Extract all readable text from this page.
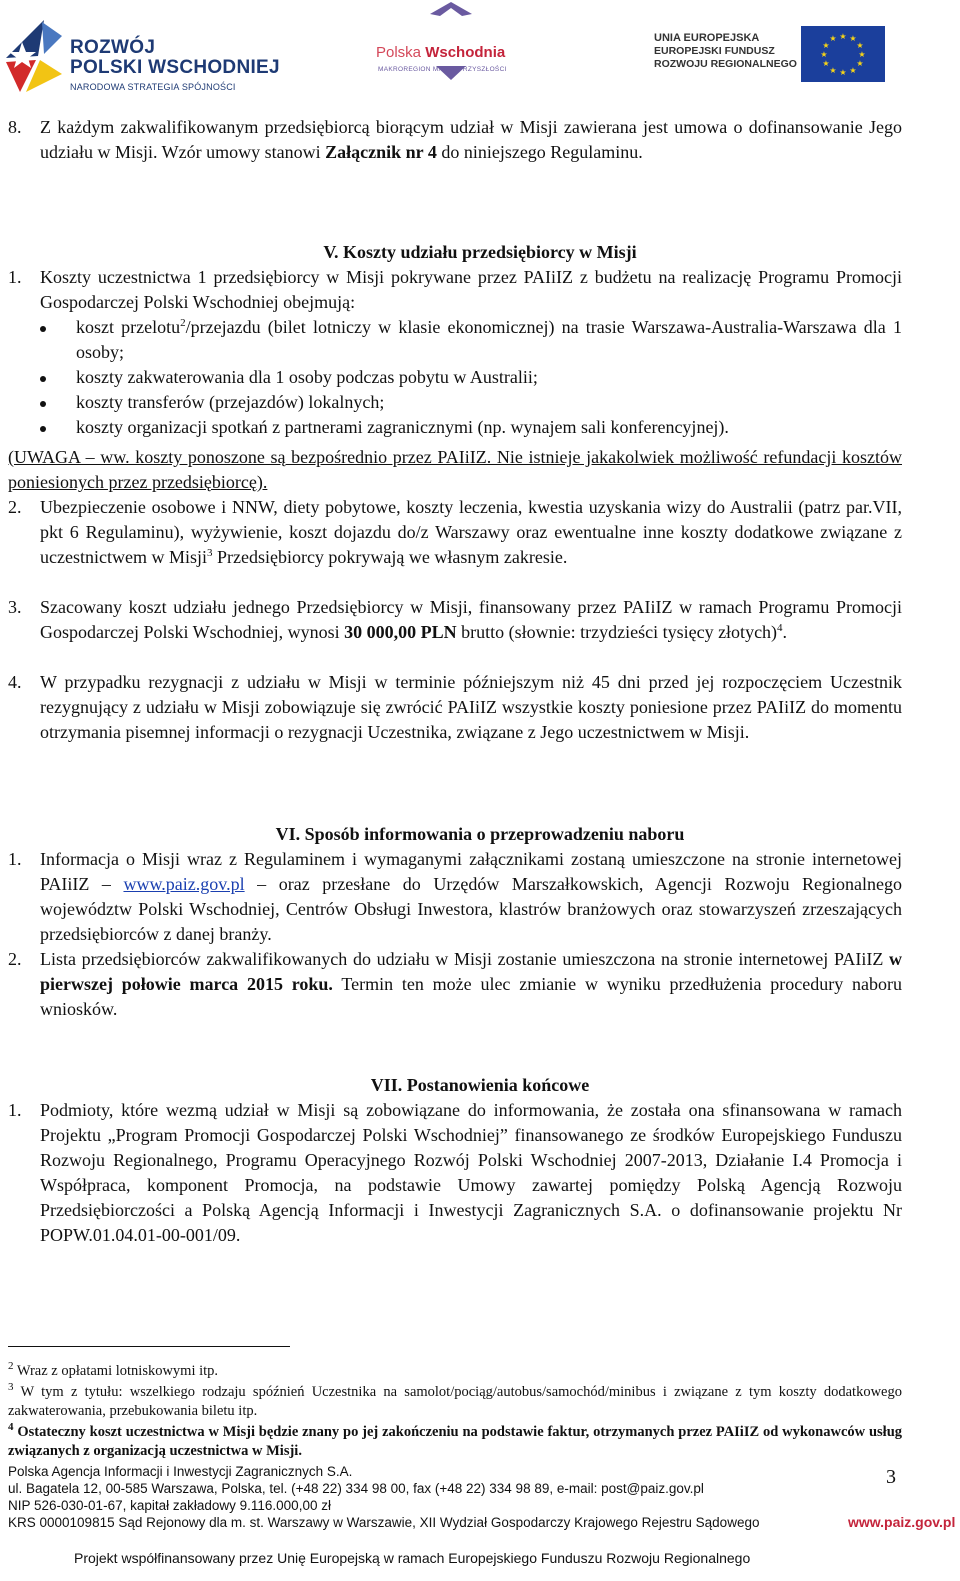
ROZWÓJ
POLSKI WSCHODNIEJ
NARODOWA STRATEGIA SPÓJNOŚCI
Polska Wschodnia
MAKROREGION MAKROPRZYSZŁOŚCI
UNIA EUROPEJSKA
EUROPEJSKI FUNDUSZ
ROZWOJU REGIONALNEGO
★ ★
★
★
★
★
★
★
★
★
★
★
8. Z każdym zakwalifikowanym przedsiębiorcą biorącym udział w Misji zawierana jest umowa o dofinansowanie Jego udziału w Misji. Wzór umowy stanowi Załącznik nr 4 do niniejszego Regulaminu.
V. Koszty udziału przedsiębiorcy w Misji
1. Koszty uczestnictwa 1 przedsiębiorcy w Misji pokrywane przez PAIiIZ z budżetu na realizację Programu Promocji Gospodarczej Polski Wschodniej obejmują:
koszt przelotu$^2$/przejazdu (bilet lotniczy w klasie ekonomicznej) na trasie Warszawa-Australia-Warszawa dla 1 osoby;
koszty zakwaterowania dla 1 osoby podczas pobytu w Australii;
koszty transferów (przejazdów) lokalnych;
koszty organizacji spotkań z partnerami zagranicznymi (np. wynajem sali konferencyjnej).
(UWAGA – ww. koszty ponoszone są bezpośrednio przez PAIiIZ. Nie istnieje jakakolwiek możliwość refundacji kosztów poniesionych przez przedsiębiorcę).
2. Ubezpieczenie osobowe i NNW, diety pobytowe, koszty leczenia, kwestia uzyskania wizy do Australii (patrz par.VII, pkt 6 Regulaminu), wyżywienie, koszt dojazdu do/z Warszawy oraz ewentualne inne koszty dodatkowe związane z uczestnictwem w Misji$^3$ Przedsiębiorcy pokrywają we własnym zakresie.
3. Szacowany koszt udziału jednego Przedsiębiorcy w Misji, finansowany przez PAIiIZ w ramach Programu Promocji Gospodarczej Polski Wschodniej, wynosi 30 000,00 PLN brutto (słownie: trzydzieści tysięcy złotych)$^4$.
4. W przypadku rezygnacji z udziału w Misji w terminie późniejszym niż 45 dni przed jej rozpoczęciem Uczestnik rezygnujący z udziału w Misji zobowiązuje się zwrócić PAIiIZ wszystkie koszty poniesione przez PAIiIZ do momentu otrzymania pisemnej informacji o rezygnacji Uczestnika, związane z Jego uczestnictwem w Misji.
VI. Sposób informowania o przeprowadzeniu naboru
1. Informacja o Misji wraz z Regulaminem i wymaganymi załącznikami zostaną umieszczone na stronie internetowej PAIiIZ – www.paiz.gov.pl – oraz przesłane do Urzędów Marszałkowskich, Agencji Rozwoju Regionalnego województw Polski Wschodniej, Centrów Obsługi Inwestora, klastrów branżowych oraz stowarzyszeń zrzeszających przedsiębiorców z danej branży.
2. Lista przedsiębiorców zakwalifikowanych do udziału w Misji zostanie umieszczona na stronie internetowej PAIiIZ w pierwszej połowie marca 2015 roku. Termin ten może ulec zmianie w wyniku przedłużenia procedury naboru wniosków.
VII. Postanowienia końcowe
1. Podmioty, które wezmą udział w Misji są zobowiązane do informowania, że została ona sfinansowana w ramach Projektu „Program Promocji Gospodarczej Polski Wschodniej” finansowanego ze środków Europejskiego Funduszu Rozwoju Regionalnego, Programu Operacyjnego Rozwój Polski Wschodniej 2007-2013, Działanie I.4 Promocja i Współpraca, komponent Promocja, na podstawie Umowy zawartej pomiędzy Polską Agencją Rozwoju Przedsiębiorczości a Polską Agencją Informacji i Inwestycji Zagranicznych S.A. o dofinansowanie projektu Nr POPW.01.04.01-00-001/09.
$^2$ Wraz z opłatami lotniskowymi itp.
$^3$ W tym z tytułu: wszelkiego rodzaju spóźnień Uczestnika na samolot/pociąg/autobus/samochód/minibus i związane z tym koszty dodatkowego zakwaterowania, przebukowania biletu itp.
$^4$ Ostateczny koszt uczestnictwa w Misji będzie znany po jej zakończeniu na podstawie faktur, otrzymanych przez PAIiIZ od wykonawców usług związanych z organizacją uczestnictwa w Misji.
Polska Agencja Informacji i Inwestycji Zagranicznych S.A.
ul. Bagatela 12, 00-585 Warszawa, Polska, tel. (+48 22) 334 98 00, fax (+48 22) 334 98 89, e-mail: post@paiz.gov.pl
NIP 526-030-01-67, kapitał zakładowy 9.116.000,00 zł
KRS 0000109815 Sąd Rejonowy dla m. st. Warszawy w Warszawie, XII Wydział Gospodarczy Krajowego Rejestru Sądowego
3
www.paiz.gov.pl
Projekt współfinansowany przez Unię Europejską w ramach Europejskiego Funduszu Rozwoju Regionalnego
